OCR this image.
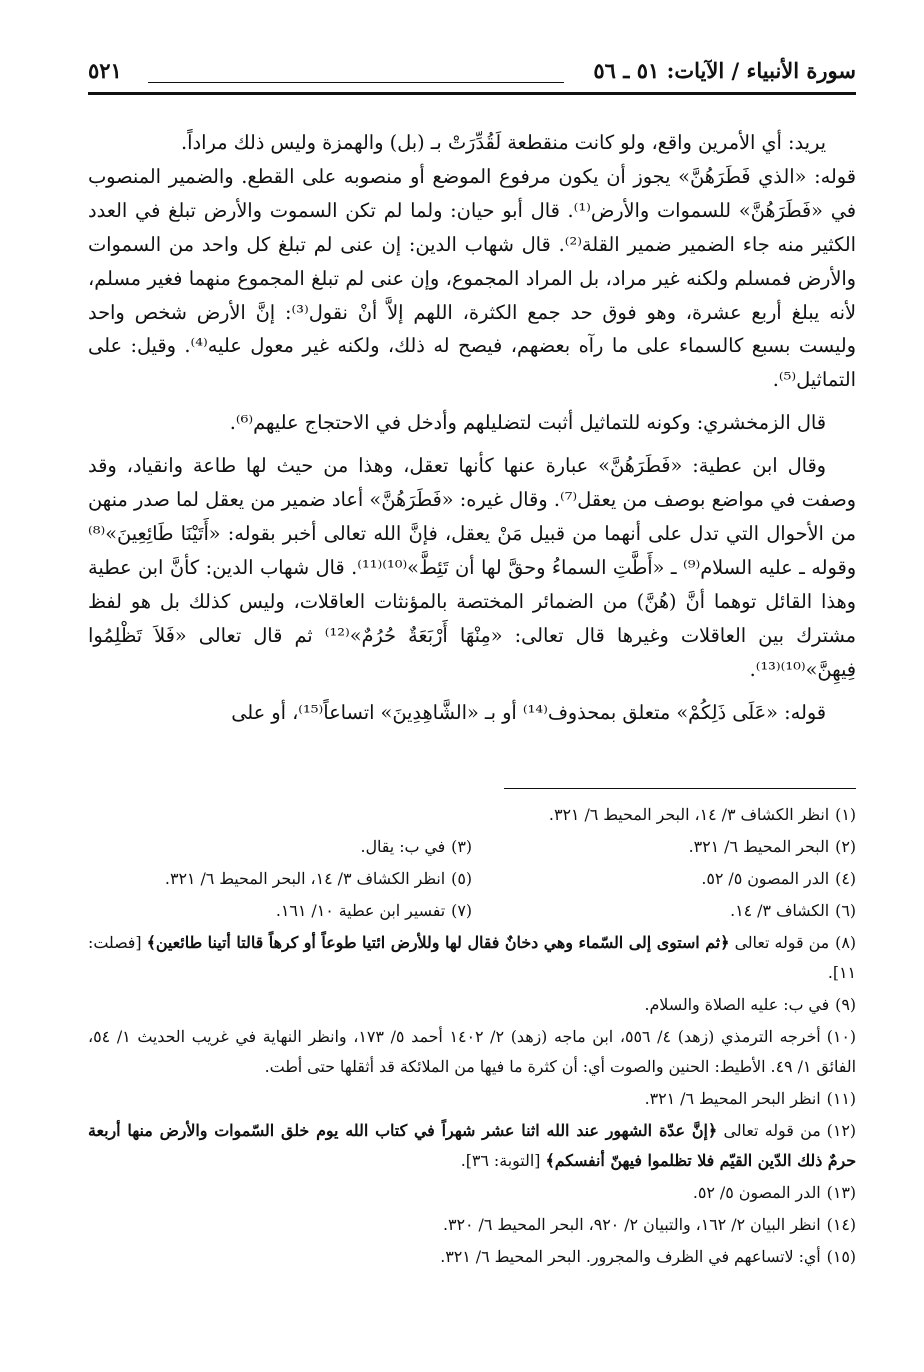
سورة الأنبياء / الآيات: ٥١ ـ ٥٦
٥٢١

يريد: أي الأمرين واقع، ولو كانت منقطعة لَقُدِّرَتْ بـ (بل) والهمزة وليس ذلك مراداً.

قوله: «الذي فَطَرَهُنَّ» يجوز أن يكون مرفوع الموضع أو منصوبه على القطع. والضمير المنصوب في «فَطَرَهُنَّ» للسموات والأرض⁽¹⁾. قال أبو حيان: ولما لم تكن السموت والأرض تبلغ في العدد الكثير منه جاء الضمير ضمير القلة⁽²⁾. قال شهاب الدين: إن عنى لم تبلغ كل واحد من السموات والأرض فمسلم ولكنه غير مراد، بل المراد المجموع، وإن عنى لم تبلغ المجموع منهما فغير مسلم، لأنه يبلغ أربع عشرة، وهو فوق حد جمع الكثرة، اللهم إلاَّ أنْ نقول⁽³⁾: إنَّ الأرض شخص واحد وليست بسبع كالسماء على ما رآه بعضهم، فيصح له ذلك، ولكنه غير معول عليه⁽⁴⁾. وقيل: على التماثيل⁽⁵⁾.

قال الزمخشري: وكونه للتماثيل أثبت لتضليلهم وأدخل في الاحتجاج عليهم⁽⁶⁾.

وقال ابن عطية: «فَطَرَهُنَّ» عبارة عنها كأنها تعقل، وهذا من حيث لها طاعة وانقياد، وقد وصفت في مواضع بوصف من يعقل⁽⁷⁾. وقال غيره: «فَطَرَهُنَّ» أعاد ضمير من يعقل لما صدر منهن من الأحوال التي تدل على أنهما من قبيل مَنْ يعقل، فإنَّ الله تعالى أخبر بقوله: «أَتَيْنَا طَائِعِينَ»⁽⁸⁾ وقوله ـ عليه السلام⁽⁹⁾ ـ «أَطَّتِ السماءُ وحقَّ لها أن تَئِطَّ»⁽¹⁰⁾⁽¹¹⁾. قال شهاب الدين: كأنَّ ابن عطية وهذا القائل توهما أنَّ (هُنَّ) من الضمائر المختصة بالمؤنثات العاقلات، وليس كذلك بل هو لفظ مشترك بين العاقلات وغيرها قال تعالى: «مِنْهَا أَرْبَعَةٌ حُرُمٌ»⁽¹²⁾ ثم قال تعالى «فَلاَ تَظْلِمُوا فِيهِنَّ»⁽¹⁰⁾⁽¹³⁾.

قوله: «عَلَى ذَلِكُمْ» متعلق بمحذوف⁽¹⁴⁾ أو بـ «الشَّاهِدِينَ» اتساعاً⁽¹⁵⁾، أو على

(١)انظر الكشاف ٣/ ١٤، البحر المحيط ٦/ ٣٢١.
(٢)البحر المحيط ٦/ ٣٢١.
(٣)في ب: يقال.
(٤)الدر المصون ٥/ ٥٢.
(٥)انظر الكشاف ٣/ ١٤، البحر المحيط ٦/ ٣٢١.
(٦)الكشاف ٣/ ١٤.
(٧)تفسير ابن عطية ١٠/ ١٦١.
(٨)من قوله تعالى ﴿ثم استوى إلى السّماء وهي دخانٌ فقال لها وللأرض ائتيا طوعاً أو كرهاً قالتا أتينا طائعين﴾ [فصلت: ١١].
(٩)في ب: عليه الصلاة والسلام.
(١٠)أخرجه الترمذي (زهد) ٤/ ٥٥٦، ابن ماجه (زهد) ٢/ ١٤٠٢ أحمد ٥/ ١٧٣، وانظر النهاية في غريب الحديث ١/ ٥٤، الفائق ١/ ٤٩. الأطيط: الحنين والصوت أي: أن كثرة ما فيها من الملائكة قد أثقلها حتى أطت.
(١١)انظر البحر المحيط ٦/ ٣٢١.
(١٢)من قوله تعالى ﴿إنَّ عدّة الشهور عند الله اثنا عشر شهراً في كتاب الله يوم خلق السّموات والأرض منها أربعة حرمٌ ذلك الدّين القيّم فلا تظلموا فيهنّ أنفسكم﴾ [التوبة: ٣٦].
(١٣)الدر المصون ٥/ ٥٢.
(١٤)انظر البيان ٢/ ١٦٢، والتبيان ٢/ ٩٢٠، البحر المحيط ٦/ ٣٢٠.
(١٥)أي: لاتساعهم في الظرف والمجرور. البحر المحيط ٦/ ٣٢١.
